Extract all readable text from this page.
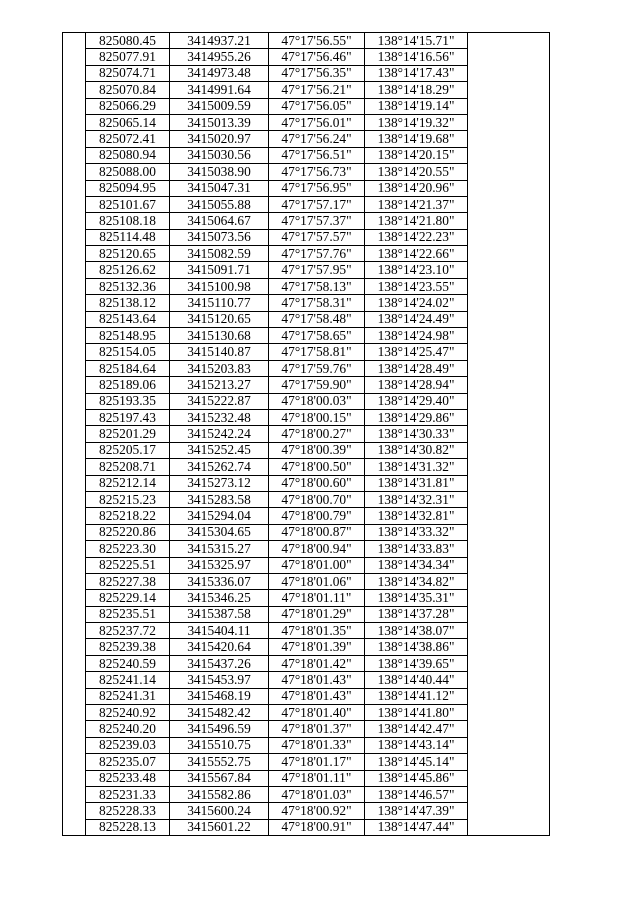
	825080.45	3414937.21	47°17'56.55"	138°14'15.71"	
	825077.91	3414955.26	47°17'56.46"	138°14'16.56"	
	825074.71	3414973.48	47°17'56.35"	138°14'17.43"	
	825070.84	3414991.64	47°17'56.21"	138°14'18.29"	
	825066.29	3415009.59	47°17'56.05"	138°14'19.14"	
	825065.14	3415013.39	47°17'56.01"	138°14'19.32"	
	825072.41	3415020.97	47°17'56.24"	138°14'19.68"	
	825080.94	3415030.56	47°17'56.51"	138°14'20.15"	
	825088.00	3415038.90	47°17'56.73"	138°14'20.55"	
	825094.95	3415047.31	47°17'56.95"	138°14'20.96"	
	825101.67	3415055.88	47°17'57.17"	138°14'21.37"	
	825108.18	3415064.67	47°17'57.37"	138°14'21.80"	
	825114.48	3415073.56	47°17'57.57"	138°14'22.23"	
	825120.65	3415082.59	47°17'57.76"	138°14'22.66"	
	825126.62	3415091.71	47°17'57.95"	138°14'23.10"	
	825132.36	3415100.98	47°17'58.13"	138°14'23.55"	
	825138.12	3415110.77	47°17'58.31"	138°14'24.02"	
	825143.64	3415120.65	47°17'58.48"	138°14'24.49"	
	825148.95	3415130.68	47°17'58.65"	138°14'24.98"	
	825154.05	3415140.87	47°17'58.81"	138°14'25.47"	
	825184.64	3415203.83	47°17'59.76"	138°14'28.49"	
	825189.06	3415213.27	47°17'59.90"	138°14'28.94"	
	825193.35	3415222.87	47°18'00.03"	138°14'29.40"	
	825197.43	3415232.48	47°18'00.15"	138°14'29.86"	
	825201.29	3415242.24	47°18'00.27"	138°14'30.33"	
	825205.17	3415252.45	47°18'00.39"	138°14'30.82"	
	825208.71	3415262.74	47°18'00.50"	138°14'31.32"	
	825212.14	3415273.12	47°18'00.60"	138°14'31.81"	
	825215.23	3415283.58	47°18'00.70"	138°14'32.31"	
	825218.22	3415294.04	47°18'00.79"	138°14'32.81"	
	825220.86	3415304.65	47°18'00.87"	138°14'33.32"	
	825223.30	3415315.27	47°18'00.94"	138°14'33.83"	
	825225.51	3415325.97	47°18'01.00"	138°14'34.34"	
	825227.38	3415336.07	47°18'01.06"	138°14'34.82"	
	825229.14	3415346.25	47°18'01.11"	138°14'35.31"	
	825235.51	3415387.58	47°18'01.29"	138°14'37.28"	
	825237.72	3415404.11	47°18'01.35"	138°14'38.07"	
	825239.38	3415420.64	47°18'01.39"	138°14'38.86"	
	825240.59	3415437.26	47°18'01.42"	138°14'39.65"	
	825241.14	3415453.97	47°18'01.43"	138°14'40.44"	
	825241.31	3415468.19	47°18'01.43"	138°14'41.12"	
	825240.92	3415482.42	47°18'01.40"	138°14'41.80"	
	825240.20	3415496.59	47°18'01.37"	138°14'42.47"	
	825239.03	3415510.75	47°18'01.33"	138°14'43.14"	
	825235.07	3415552.75	47°18'01.17"	138°14'45.14"	
	825233.48	3415567.84	47°18'01.11"	138°14'45.86"	
	825231.33	3415582.86	47°18'01.03"	138°14'46.57"	
	825228.33	3415600.24	47°18'00.92"	138°14'47.39"	
	825228.13	3415601.22	47°18'00.91"	138°14'47.44"	
